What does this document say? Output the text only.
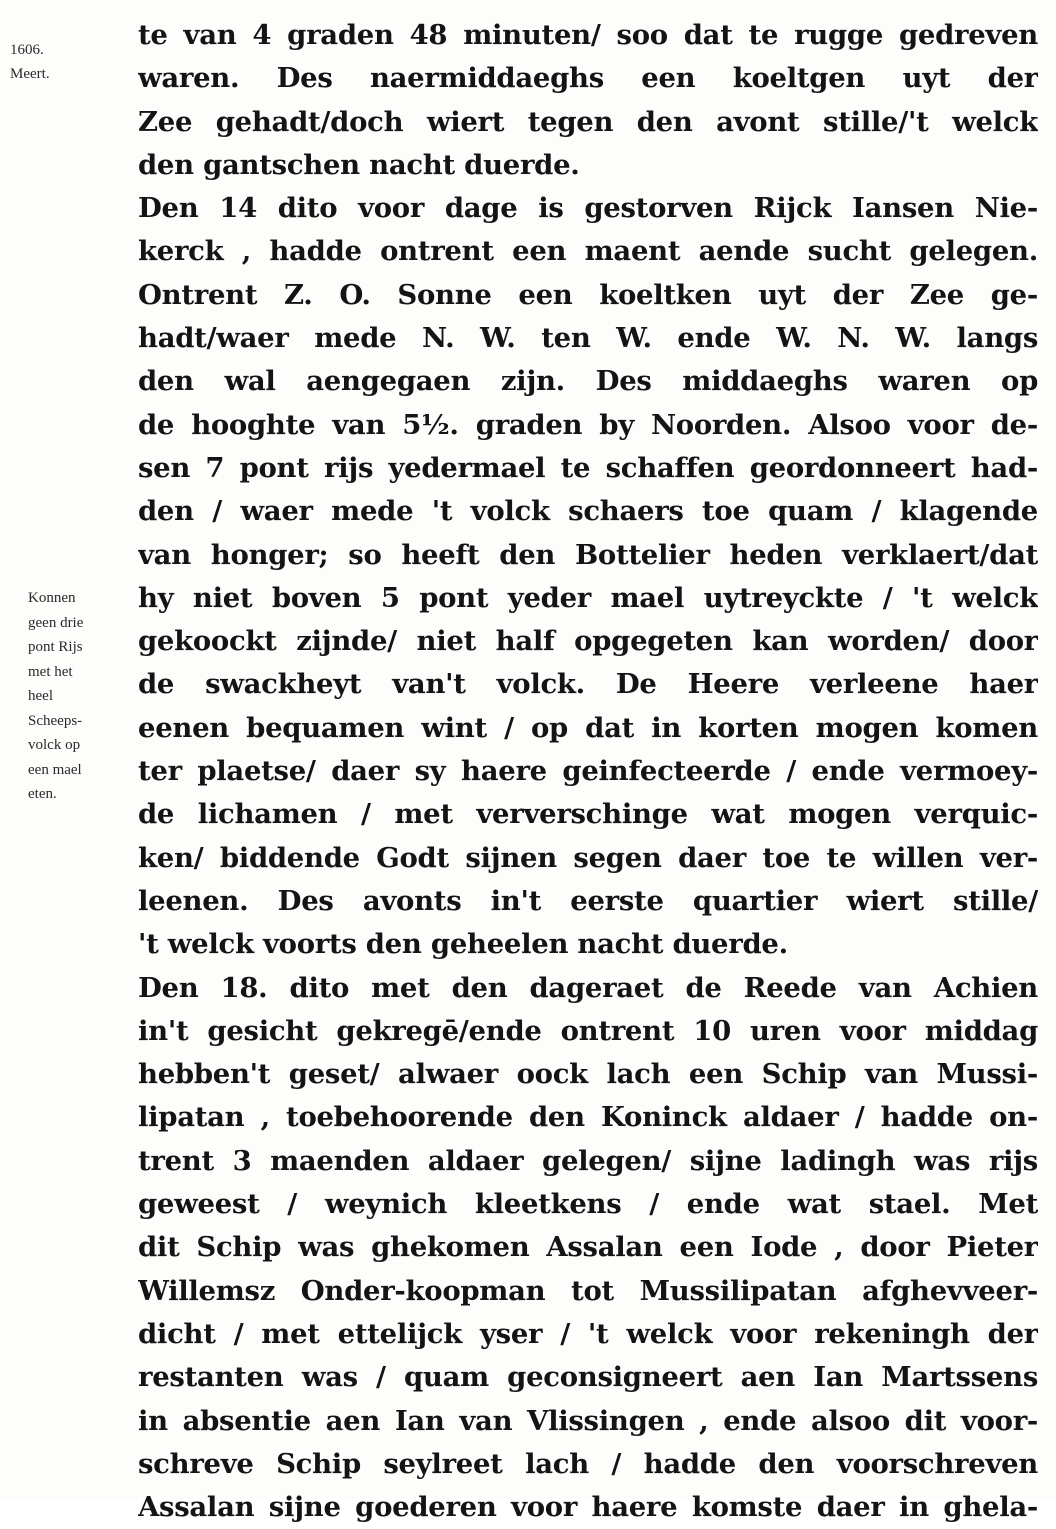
1606.
Meert.
Konnen
geen drie
pont Rijs
met het
heel
Scheeps-
volck op
een mael
eten.
te van 4 graden 48 minuten/ soo dat te rugge gedreven
waren. Des naermiddaeghs een koeltgen uyt der
Zee gehadt/doch wiert tegen den avont stille/'t welck
den gantschen nacht duerde.
Den 14 dito voor dage is gestorven Rijck Iansen Nie-
kerck , hadde ontrent een maent aende sucht gelegen.
Ontrent Z. O. Sonne een koeltken uyt der Zee ge-
hadt/waer mede N. W. ten W. ende W. N. W. langs
den wal aengegaen zijn. Des middaeghs waren op
de hooghte van 5½. graden by Noorden. Alsoo voor de-
sen 7 pont rijs yedermael te schaffen geordonneert had-
den / waer mede 't volck schaers toe quam / klagende
van honger; so heeft den Bottelier heden verklaert/dat
hy niet boven 5 pont yeder mael uytreyckte / 't welck
gekoockt zijnde/ niet half opgegeten kan worden/ door
de swackheyt van't volck. De Heere verleene haer
eenen bequamen wint / op dat in korten mogen komen
ter plaetse/ daer sy haere geinfecteerde / ende vermoey-
de lichamen / met ververschinge wat mogen verquic-
ken/ biddende Godt sijnen segen daer toe te willen ver-
leenen. Des avonts in't eerste quartier wiert stille/
't welck voorts den geheelen nacht duerde.
Den 18. dito met den dageraet de Reede van Achien
in't gesicht gekregē/ende ontrent 10 uren voor middag
hebben't geset/ alwaer oock lach een Schip van Mussi-
lipatan , toebehoorende den Koninck aldaer / hadde on-
trent 3 maenden aldaer gelegen/ sijne ladingh was rijs
geweest / weynich kleetkens / ende wat stael. Met
dit Schip was ghekomen Assalan een Iode , door Pieter
Willemsz Onder-koopman tot Mussilipatan afghevveer-
dicht / met ettelijck yser / 't welck voor rekeningh der
restanten was / quam geconsigneert aen Ian Martssens
in absentie aen Ian van Vlissingen , ende alsoo dit voor-
schreve Schip seylreet lach / hadde den voorschreven
Assalan sijne goederen voor haere komste daer in ghela-
